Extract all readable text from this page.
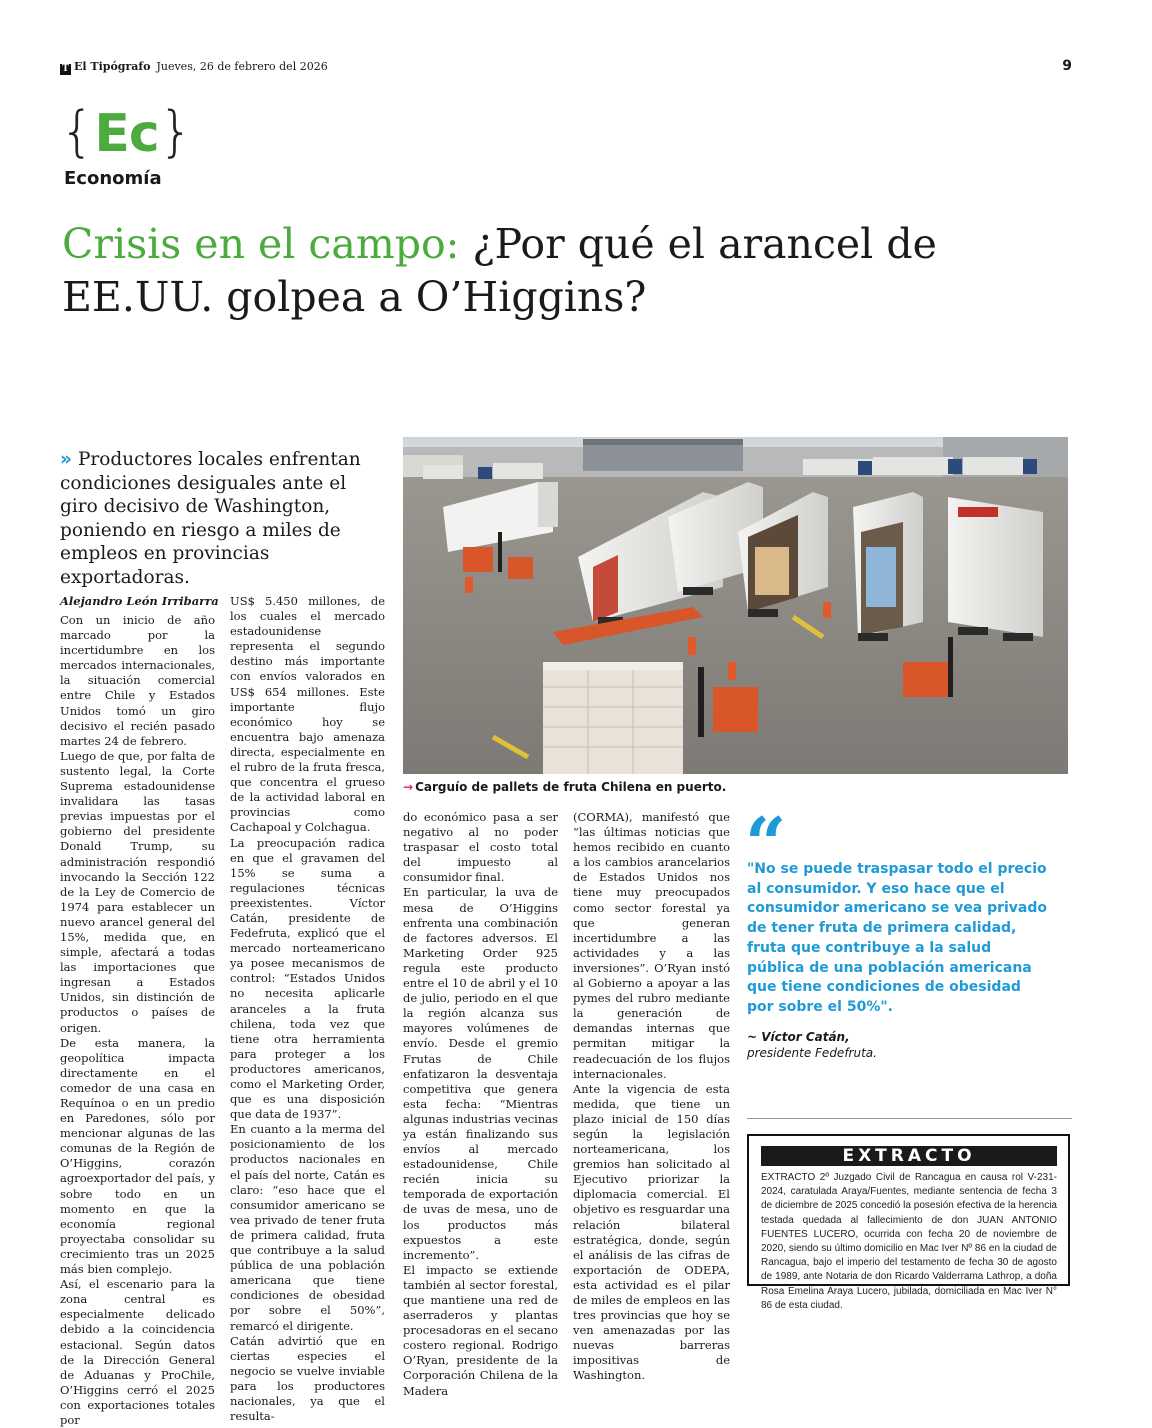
T El Tipógrafo Jueves, 26 de febrero del 2026	9
{Ec}
Economía
Crisis en el campo: ¿Por qué el arancel de EE.UU. golpea a O’Higgins?
» Productores locales enfrentan condiciones desiguales ante el giro decisivo de Washington, poniendo en riesgo a miles de empleos en provincias exportadoras.
→ Carguío de pallets de fruta Chilena en puerto.
Alejandro León Irribarra

Con un inicio de año marcado por la incertidumbre en los mercados internacionales, la situación comercial entre Chile y Estados Unidos tomó un giro decisivo el recién pasado martes 24 de febrero.

Luego de que, por falta de sustento legal, la Corte Suprema estadounidense invalidara las tasas previas impuestas por el gobierno del presidente Donald Trump, su administración respondió invocando la Sección 122 de la Ley de Comercio de 1974 para establecer un nuevo arancel general del 15%, medida que, en simple, afectará a todas las importaciones que ingresan a Estados Unidos, sin distinción de productos o países de origen.

De esta manera, la geopolítica impacta directamente en el comedor de una casa en Requínoa o en un predio en Paredones, sólo por mencionar algunas de las comunas de la Región de O’Higgins, corazón agroexportador del país, y sobre todo en un momento en que la economía regional proyectaba consolidar su crecimiento tras un 2025 más bien complejo.

Así, el escenario para la zona central es especialmente delicado debido a la coincidencia estacional. Según datos de la Dirección General de Aduanas y ProChile, O’Higgins cerró el 2025 con exportaciones totales por

US$ 5.450 millones, de los cuales el mercado estadounidense representa el segundo destino más importante con envíos valorados en US$ 654 millones. Este importante flujo económico hoy se encuentra bajo amenaza directa, especialmente en el rubro de la fruta fresca, que concentra el grueso de la actividad laboral en provincias como Cachapoal y Colchagua.

La preocupación radica en que el gravamen del 15% se suma a regulaciones técnicas preexistentes. Víctor Catán, presidente de Fedefruta, explicó que el mercado norteamericano ya posee mecanismos de control: “Estados Unidos no necesita aplicarle aranceles a la fruta chilena, toda vez que tiene otra herramienta para proteger a los productores americanos, como el Marketing Order, que es una disposición que data de 1937”.

En cuanto a la merma del posicionamiento de los productos nacionales en el país del norte, Catán es claro: “eso hace que el consumidor americano se vea privado de tener fruta de primera calidad, fruta que contribuye a la salud pública de una población americana que tiene condiciones de obesidad por sobre el 50%”, remarcó el dirigente.

Catán advirtió que en ciertas especies el negocio se vuelve inviable para los productores nacionales, ya que el resulta-

do económico pasa a ser negativo al no poder traspasar el costo total del impuesto al consumidor final.

En particular, la uva de mesa de O’Higgins enfrenta una combinación de factores adversos. El Marketing Order 925 regula este producto entre el 10 de abril y el 10 de julio, periodo en el que la región alcanza sus mayores volúmenes de envío. Desde el gremio Frutas de Chile enfatizaron la desventaja competitiva que genera esta fecha: “Mientras algunas industrias vecinas ya están finalizando sus envíos al mercado estadounidense, Chile recién inicia su temporada de exportación de uvas de mesa, uno de los productos más expuestos a este incremento”.

El impacto se extiende también al sector forestal, que mantiene una red de aserraderos y plantas procesadoras en el secano costero regional. Rodrigo O’Ryan, presidente de la Corporación Chilena de la Madera

(CORMA), manifestó que “las últimas noticias que hemos recibido en cuanto a los cambios arancelarios de Estados Unidos nos tiene muy preocupados como sector forestal ya que generan incertidumbre a las actividades y a las inversiones”. O’Ryan instó al Gobierno a apoyar a las pymes del rubro mediante la generación de demandas internas que permitan mitigar la readecuación de los flujos internacionales.

Ante la vigencia de esta medida, que tiene un plazo inicial de 150 días según la legislación norteamericana, los gremios han solicitado al Ejecutivo priorizar la diplomacia comercial. El objetivo es resguardar una relación bilateral estratégica, donde, según el análisis de las cifras de exportación de ODEPA, esta actividad es el pilar de miles de empleos en las tres provincias que hoy se ven amenazadas por las nuevas barreras impositivas de Washington.

“
"No se puede traspasar todo el precio al consumidor. Y eso hace que el consumidor americano se vea privado de tener fruta de primera calidad, fruta que contribuye a la salud pública de una población americana que tiene condiciones de obesidad por sobre el 50%".
~ Víctor Catán,
presidente Fedefruta.
EXTRACTO
EXTRACTO 2º Juzgado Civil de Rancagua en causa rol V-231-2024, caratulada Araya/Fuentes, mediante sentencia de fecha 3 de diciembre de 2025 concedió la posesión efectiva de la herencia testada quedada al fallecimiento de don JUAN ANTONIO FUENTES LUCERO, ocurrida con fecha 20 de noviembre de 2020, siendo su último domicilio en Mac Iver Nº 86 en la ciudad de Rancagua, bajo el imperio del testamento de fecha 30 de agosto de 1989, ante Notaria de don Ricardo Valderrama Lathrop, a doña Rosa Emelina Araya Lucero, jubilada, domiciliada en Mac Iver N° 86 de esta ciudad.
